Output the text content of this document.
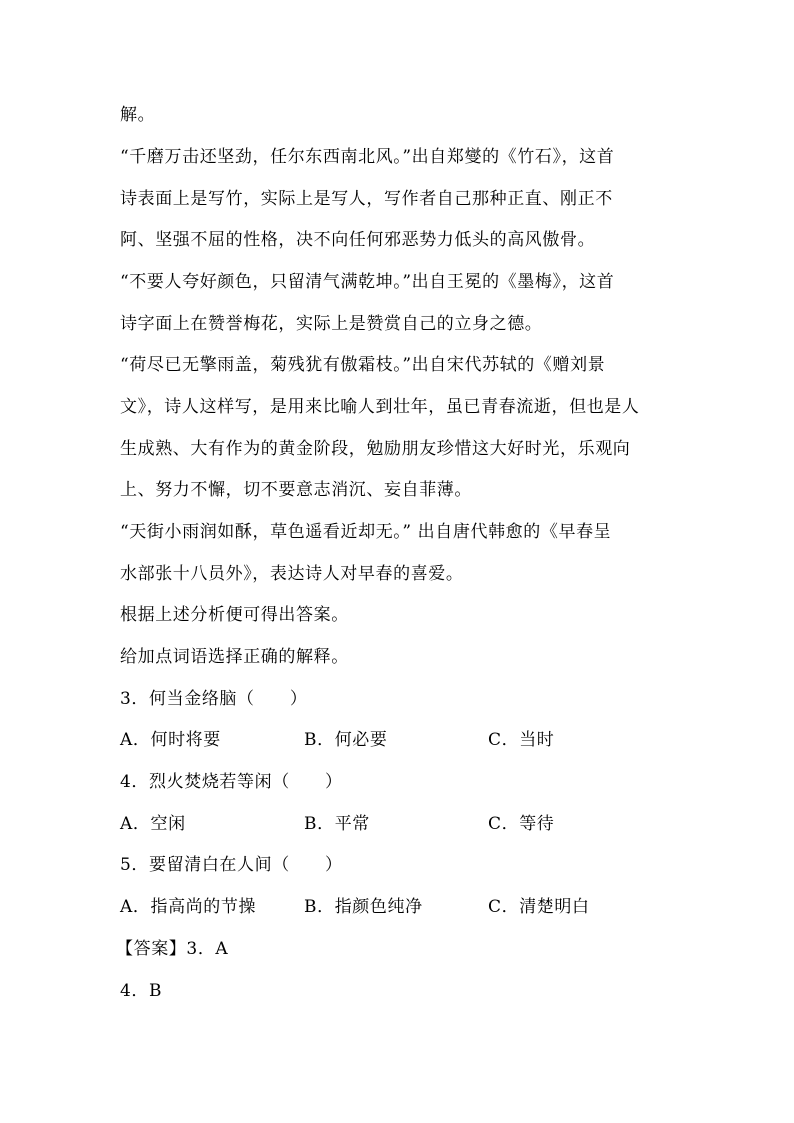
解。
“千磨万击还坚劲，任尔东西南北风。”出自郑燮的《竹石》，这首
诗表面上是写竹，实际上是写人，写作者自己那种正直、刚正不
阿、坚强不屈的性格，决不向任何邪恶势力低头的高风傲骨。
“不要人夸好颜色，只留清气满乾坤。”出自王冕的《墨梅》，这首
诗字面上在赞誉梅花，实际上是赞赏自己的立身之德。
“荷尽已无擎雨盖，菊残犹有傲霜枝。”出自宋代苏轼的《赠刘景
文》，诗人这样写，是用来比喻人到壮年，虽已青春流逝，但也是人
生成熟、大有作为的黄金阶段，勉励朋友珍惜这大好时光，乐观向
上、努力不懈，切不要意志消沉、妄自菲薄。
“天街小雨润如酥，草色遥看近却无。” 出自唐代韩愈的《早春呈
水部张十八员外》，表达诗人对早春的喜爱。
根据上述分析便可得出答案。
给加点词语选择正确的解释。
3．何当金络脑（　　）
A．何时将要	B．何必要	C．当时
4．烈火焚烧若等闲（　　）
A．空闲	B．平常	C．等待
5．要留清白在人间（　　）
A．指高尚的节操	B．指颜色纯净	C．清楚明白
【答案】3．A
4．B
